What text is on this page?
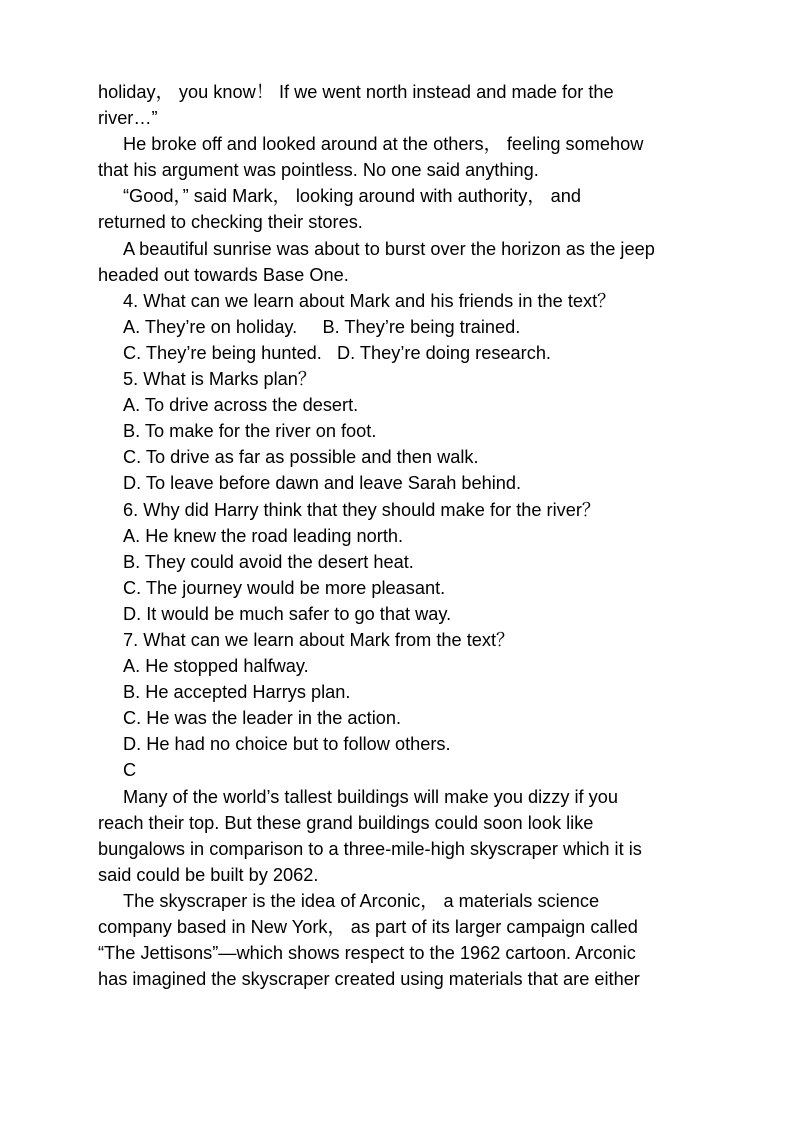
holiday， you know！ If we went north instead and made for the
river…”
He broke off and looked around at the others， feeling somehow
that his argument was pointless. No one said anything.
“Good，” said Mark， looking around with authority， and
returned to checking their stores.
A beautiful sunrise was about to burst over the horizon as the jeep
headed out towards Base One.
4. What can we learn about Mark and his friends in the text？
A. They’re on holiday.     B. They’re being trained.
C. They’re being hunted.   D. They’re doing research.
5. What is Marks plan？
A. To drive across the desert.
B. To make for the river on foot.
C. To drive as far as possible and then walk.
D. To leave before dawn and leave Sarah behind.
6. Why did Harry think that they should make for the river？
A. He knew the road leading north.
B. They could avoid the desert heat.
C. The journey would be more pleasant.
D. It would be much safer to go that way.
7. What can we learn about Mark from the text？
A. He stopped halfway.
B. He accepted Harrys plan.
C. He was the leader in the action.
D. He had no choice but to follow others.
C
Many of the world’s tallest buildings will make you dizzy if you
reach their top. But these grand buildings could soon look like
bungalows in comparison to a three-mile-high skyscraper which it is
said could be built by 2062.
The skyscraper is the idea of Arconic， a materials science
company based in New York， as part of its larger campaign called
“The Jettisons”—which shows respect to the 1962 cartoon. Arconic
has imagined the skyscraper created using materials that are either
